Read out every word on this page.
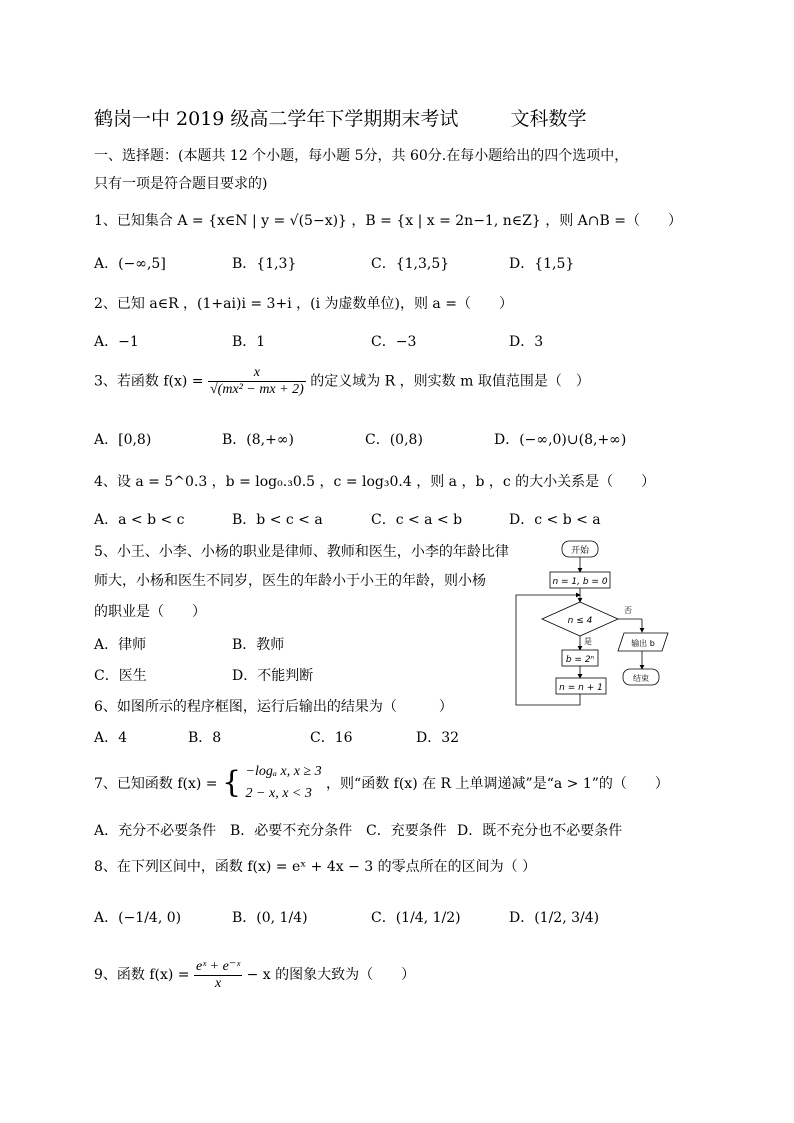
鹤岗一中 2019 级高二学年下学期期末考试	文科数学
一、选择题：(本题共 12 个小题，每小题 5分，共 60分.在每小题给出的四个选项中，
只有一项是符合题目要求的)
1、已知集合 A = {x∈N | y = √(5−x)} ，B = {x | x = 2n−1, n∈Z} ，则 A∩B =（　　）
A．(−∞,5]	B．{1,3}	C．{1,3,5}	D．{1,5}
2、已知 a∈R ，(1+ai)i = 3+i ，(i 为虚数单位)，则 a =（　　）
A．−1	B．1	C．−3	D．3
3、若函数 $f(x) = \frac{x}{\text{√(mx² − mx + 2)}}$ 的定义域为 R ，则实数 m 取值范围是（　）
A．[0,8)	B．(8,+∞)	C．(0,8)	D．(−∞,0)∪(8,+∞)
4、设 a = 5^0.3 ，b = log₀.₃0.5 ，c = log₃0.4 ，则 a ，b ，c 的大小关系是（　　）
A．a < b < c	B．b < c < a	C．c < a < b	D．c < b < a
5、小王、小李、小杨的职业是律师、教师和医生，小李的年龄比律
师大，小杨和医生不同岁，医生的年龄小于小王的年龄，则小杨
的职业是（　　）
A．律师	B．教师
C．医生	D．不能判断
6、如图所示的程序框图，运行后输出的结果为（　　　）
A．4	B．8	C．16	D．32
开始
n = 1, b = 0
n ≤ 4
否
输出 b
结束
是
b = 2ⁿ
n = n + 1
7、已知函数 f(x) = { −logₐ x, x ≥ 3
2 − x, x < 3
，则“函数 f(x) 在 R 上单调递减”是“a > 1”的（　　）
A．充分不必要条件 B．必要不充分条件 C．充要条件 D．既不充分也不必要条件
8、在下列区间中，函数 f(x) = eˣ + 4x − 3 的零点所在的区间为（ ）
A．(−1/4, 0)	B．(0, 1/4)	C．(1/4, 1/2)	D．(1/2, 3/4)
9、函数 $f(x) = \frac{\text{eˣ + e⁻ˣ}}{x} - x$ 的图象大致为（　　）
